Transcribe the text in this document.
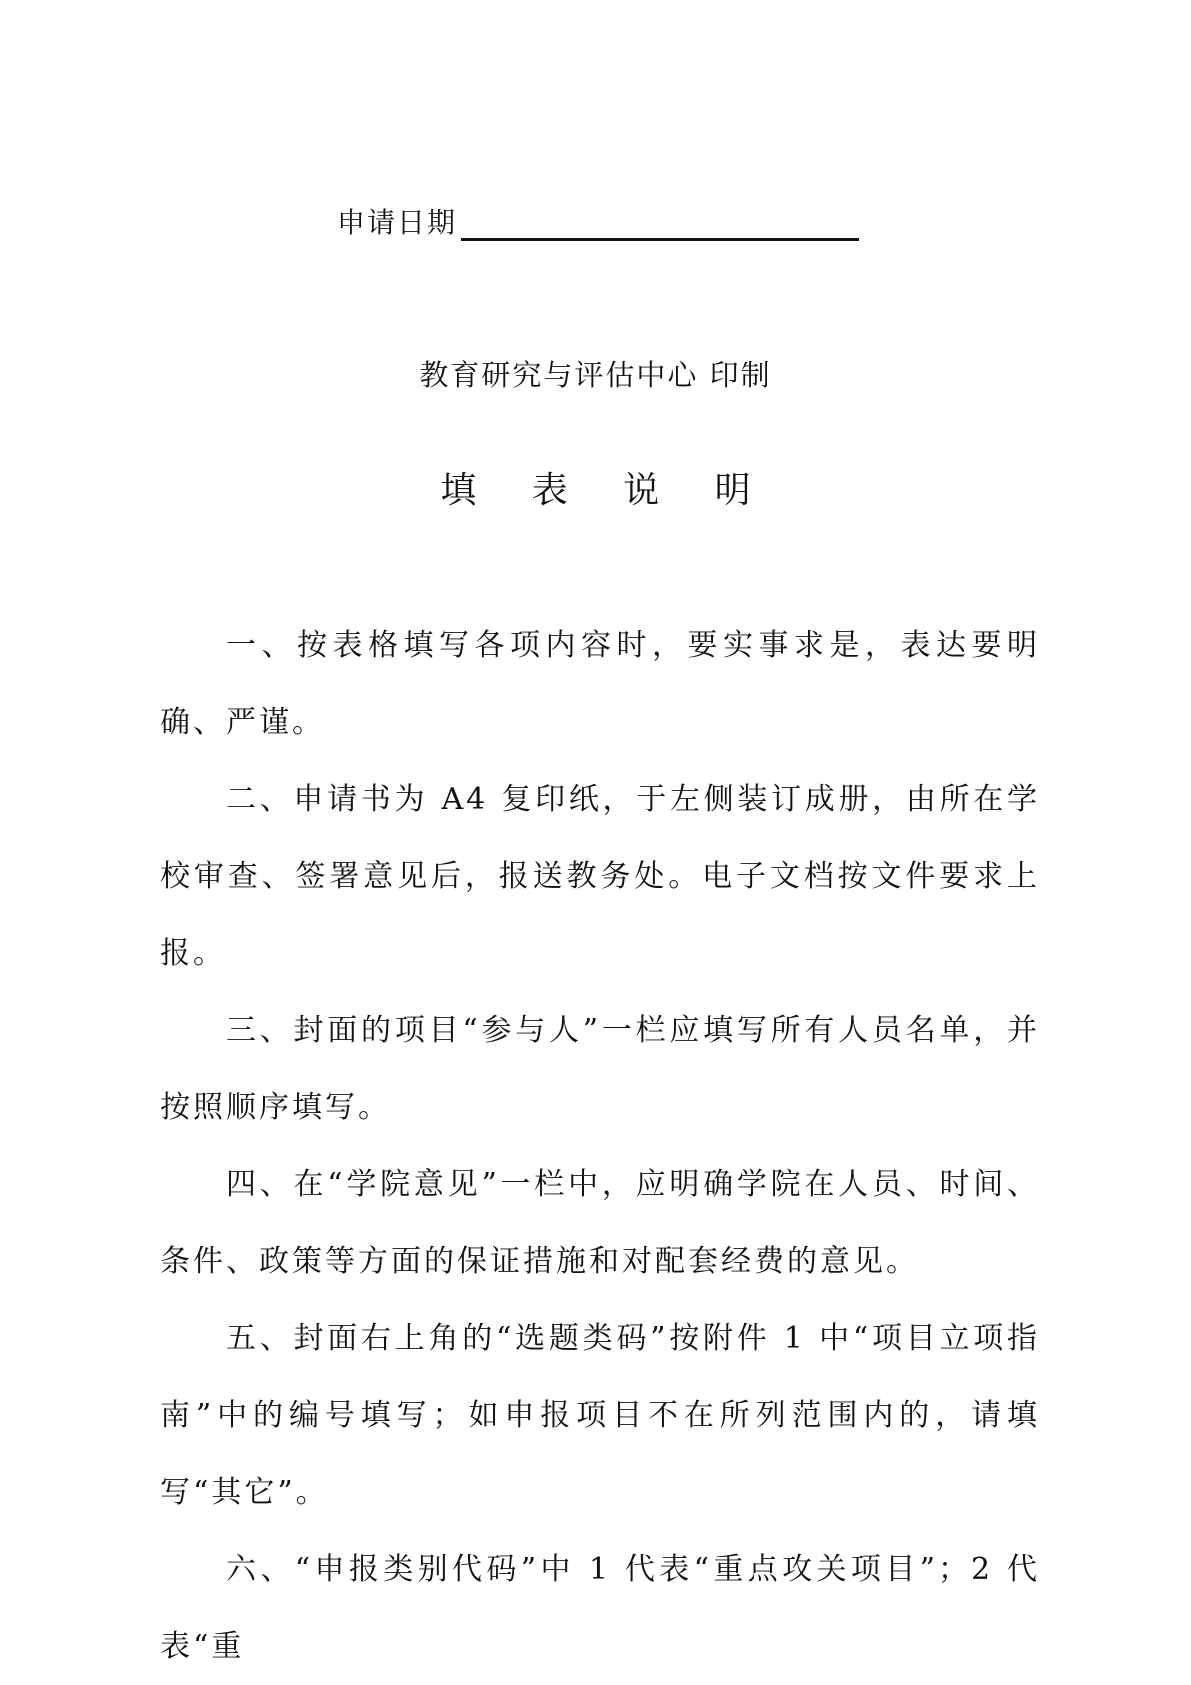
申请日期
教育研究与评估中心 印制
填 表 说 明

一、按表格填写各项内容时，要实事求是，表达要明确、严谨。

二、申请书为 A4 复印纸，于左侧装订成册，由所在学校审查、签署意见后，报送教务处。电子文档按文件要求上报。

三、封面的项目“参与人”一栏应填写所有人员名单，并按照顺序填写。

四、在“学院意见”一栏中，应明确学院在人员、时间、条件、政策等方面的保证措施和对配套经费的意见。

五、封面右上角的“选题类码”按附件 1 中“项目立项指南”中的编号填写；如申报项目不在所列范围内的，请填写“其它”。

六、“申报类别代码”中 1 代表“重点攻关项目”；2 代表“重
